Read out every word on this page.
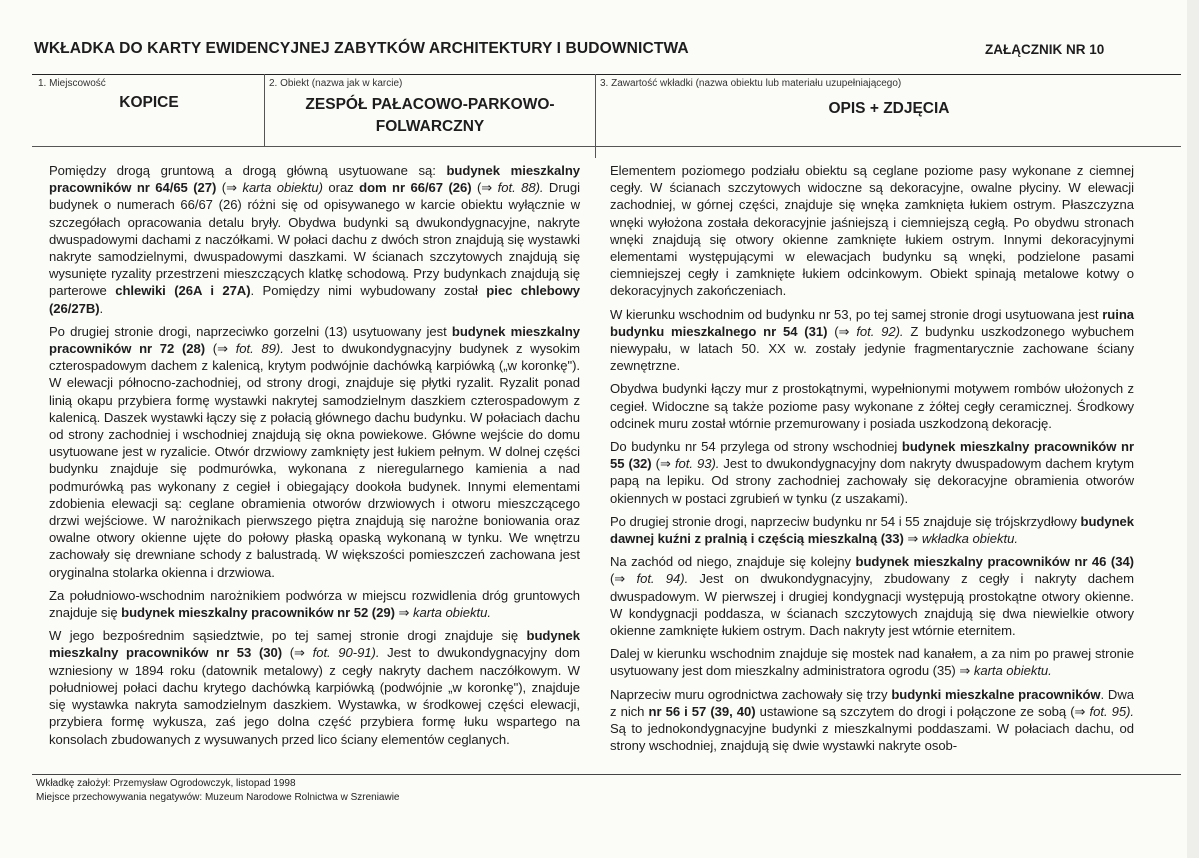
WKŁADKA DO KARTY EWIDENCYJNEJ ZABYTKÓW ARCHITEKTURY I BUDOWNICTWA	ZAŁĄCZNIK NR 10
1. Miejscowość
KOPICE
2. Obiekt (nazwa jak w karcie)
ZESPÓŁ PAŁACOWO-PARKOWO-
FOLWARCZNY
3. Zawartość wkładki (nazwa obiektu lub materiału uzupełniającego)
OPIS + ZDJĘCIA

Pomiędzy drogą gruntową a drogą główną usytuowane są: budynek mieszkalny pracowników nr 64/65 (27) (⇒ karta obiektu) oraz dom nr 66/67 (26) (⇒ fot. 88). Drugi budynek o numerach 66/67 (26) różni się od opisywanego w karcie obiektu wyłącznie w szczegółach opracowania detalu bryły. Obydwa budynki są dwukondygnacyjne, nakryte dwuspadowymi dachami z naczółkami. W połaci dachu z dwóch stron znajdują się wystawki nakryte samodzielnymi, dwuspadowymi daszkami. W ścianach szczytowych znajdują się wysunięte ryzality przestrzeni mieszczących klatkę schodową. Przy budynkach znajdują się parterowe chlewiki (26A i 27A). Pomiędzy nimi wybudowany został piec chlebowy (26/27B).

Po drugiej stronie drogi, naprzeciwko gorzelni (13) usytuowany jest budynek mieszkalny pracowników nr 72 (28) (⇒ fot. 89). Jest to dwukondygnacyjny budynek z wysokim czterospadowym dachem z kalenicą, krytym podwójnie dachówką karpiówką („w koronkę"). W elewacji północno-zachodniej, od strony drogi, znajduje się płytki ryzalit. Ryzalit ponad linią okapu przybiera formę wystawki nakrytej samodzielnym daszkiem czterospadowym z kalenicą. Daszek wystawki łączy się z połacią głównego dachu budynku. W połaciach dachu od strony zachodniej i wschodniej znajdują się okna powiekowe. Główne wejście do domu usytuowane jest w ryzalicie. Otwór drzwiowy zamknięty jest łukiem pełnym. W dolnej części budynku znajduje się podmurówka, wykonana z nieregularnego kamienia a nad podmurówką pas wykonany z cegieł i obiegający dookoła budynek. Innymi elementami zdobienia elewacji są: ceglane obramienia otworów drzwiowych i otworu mieszczącego drzwi wejściowe. W narożnikach pierwszego piętra znajdują się narożne boniowania oraz owalne otwory okienne ujęte do połowy płaską opaską wykonaną w tynku. We wnętrzu zachowały się drewniane schody z balustradą. W większości pomieszczeń zachowana jest oryginalna stolarka okienna i drzwiowa.

Za południowo-wschodnim narożnikiem podwórza w miejscu rozwidlenia dróg gruntowych znajduje się budynek mieszkalny pracowników nr 52 (29) ⇒ karta obiektu.

W jego bezpośrednim sąsiedztwie, po tej samej stronie drogi znajduje się budynek mieszkalny pracowników nr 53 (30) (⇒ fot. 90-91). Jest to dwukondygnacyjny dom wzniesiony w 1894 roku (datownik metalowy) z cegły nakryty dachem naczółkowym. W południowej połaci dachu krytego dachówką karpiówką (podwójnie „w koronkę"), znajduje się wystawka nakryta samodzielnym daszkiem. Wystawka, w środkowej części elewacji, przybiera formę wykusza, zaś jego dolna część przybiera formę łuku wspartego na konsolach zbudowanych z wysuwanych przed lico ściany elementów ceglanych.

Elementem poziomego podziału obiektu są ceglane poziome pasy wykonane z ciemnej cegły. W ścianach szczytowych widoczne są dekoracyjne, owalne płyciny. W elewacji zachodniej, w górnej części, znajduje się wnęka zamknięta łukiem ostrym. Płaszczyzna wnęki wyłożona została dekoracyjnie jaśniejszą i ciemniejszą cegłą. Po obydwu stronach wnęki znajdują się otwory okienne zamknięte łukiem ostrym. Innymi dekoracyjnymi elementami występującymi w elewacjach budynku są wnęki, podzielone pasami ciemniejszej cegły i zamknięte łukiem odcinkowym. Obiekt spinają metalowe kotwy o dekoracyjnych zakończeniach.

W kierunku wschodnim od budynku nr 53, po tej samej stronie drogi usytuowana jest ruina budynku mieszkalnego nr 54 (31) (⇒ fot. 92). Z budynku uszkodzonego wybuchem niewypału, w latach 50. XX w. zostały jedynie fragmentarycznie zachowane ściany zewnętrzne.

Obydwa budynki łączy mur z prostokątnymi, wypełnionymi motywem rombów ułożonych z cegieł. Widoczne są także poziome pasy wykonane z żółtej cegły ceramicznej. Środkowy odcinek muru został wtórnie przemurowany i posiada uszkodzoną dekorację.

Do budynku nr 54 przylega od strony wschodniej budynek mieszkalny pracowników nr 55 (32) (⇒ fot. 93). Jest to dwukondygnacyjny dom nakryty dwuspadowym dachem krytym papą na lepiku. Od strony zachodniej zachowały się dekoracyjne obramienia otworów okiennych w postaci zgrubień w tynku (z uszakami).

Po drugiej stronie drogi, naprzeciw budynku nr 54 i 55 znajduje się trójskrzydłowy budynek dawnej kuźni z pralnią i częścią mieszkalną (33) ⇒ wkładka obiektu.

Na zachód od niego, znajduje się kolejny budynek mieszkalny pracowników nr 46 (34) (⇒ fot. 94). Jest on dwukondygnacyjny, zbudowany z cegły i nakryty dachem dwuspadowym. W pierwszej i drugiej kondygnacji występują prostokątne otwory okienne. W kondygnacji poddasza, w ścianach szczytowych znajdują się dwa niewielkie otwory okienne zamknięte łukiem ostrym. Dach nakryty jest wtórnie eternitem.

Dalej w kierunku wschodnim znajduje się mostek nad kanałem, a za nim po prawej stronie usytuowany jest dom mieszkalny administratora ogrodu (35) ⇒ karta obiektu.

Naprzeciw muru ogrodnictwa zachowały się trzy budynki mieszkalne pracowników. Dwa z nich nr 56 i 57 (39, 40) ustawione są szczytem do drogi i połączone ze sobą (⇒ fot. 95). Są to jednokondygnacyjne budynki z mieszkalnymi poddaszami. W połaciach dachu, od strony wschodniej, znajdują się dwie wystawki nakryte osob-

Wkładkę założył: Przemysław Ogrodowczyk, listopad 1998
Miejsce przechowywania negatywów: Muzeum Narodowe Rolnictwa w Szreniawie
